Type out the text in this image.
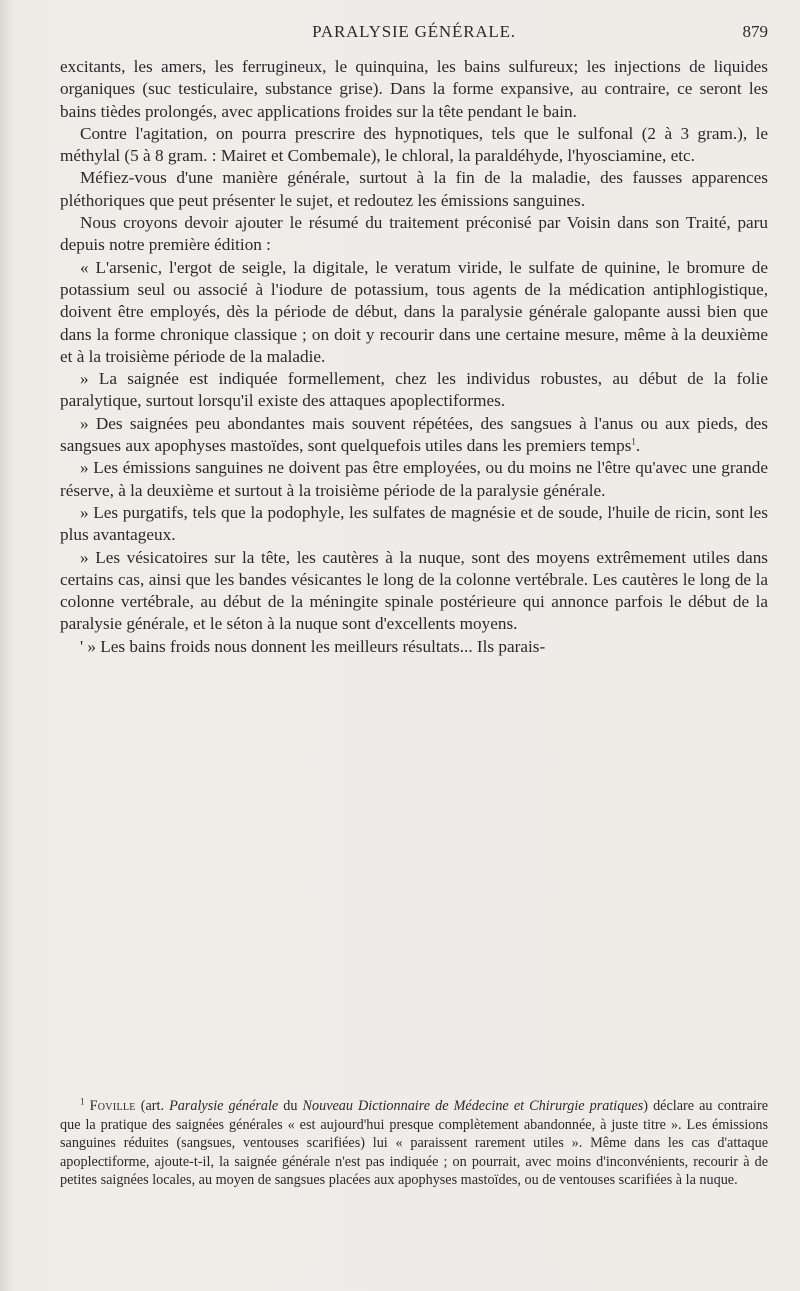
PARALYSIE GÉNÉRALE.	879

excitants, les amers, les ferrugineux, le quinquina, les bains sulfureux; les injections de liquides organiques (suc testiculaire, substance grise). Dans la forme expansive, au contraire, ce seront les bains tièdes prolongés, avec applications froides sur la tête pendant le bain.

Contre l'agitation, on pourra prescrire des hypnotiques, tels que le sulfonal (2 à 3 gram.), le méthylal (5 à 8 gram. : Mairet et Combemale), le chloral, la paraldéhyde, l'hyosciamine, etc.

Méfiez-vous d'une manière générale, surtout à la fin de la maladie, des fausses apparences pléthoriques que peut présenter le sujet, et redoutez les émissions sanguines.

Nous croyons devoir ajouter le résumé du traitement préconisé par Voisin dans son Traité, paru depuis notre première édition :

« L'arsenic, l'ergot de seigle, la digitale, le veratum viride, le sulfate de quinine, le bromure de potassium seul ou associé à l'iodure de potassium, tous agents de la médication antiphlogistique, doivent être employés, dès la période de début, dans la paralysie générale galopante aussi bien que dans la forme chronique classique ; on doit y recourir dans une certaine mesure, même à la deuxième et à la troisième période de la maladie.

» La saignée est indiquée formellement, chez les individus robustes, au début de la folie paralytique, surtout lorsqu'il existe des attaques apoplectiformes.

» Des saignées peu abondantes mais souvent répétées, des sangsues à l'anus ou aux pieds, des sangsues aux apophyses mastoïdes, sont quelquefois utiles dans les premiers temps$^1$.

» Les émissions sanguines ne doivent pas être employées, ou du moins ne l'être qu'avec une grande réserve, à la deuxième et surtout à la troisième période de la paralysie générale.

» Les purgatifs, tels que la podophyle, les sulfates de magnésie et de soude, l'huile de ricin, sont les plus avantageux.

» Les vésicatoires sur la tête, les cautères à la nuque, sont des moyens extrêmement utiles dans certains cas, ainsi que les bandes vésicantes le long de la colonne vertébrale. Les cautères le long de la colonne vertébrale, au début de la méningite spinale postérieure qui annonce parfois le début de la paralysie générale, et le séton à la nuque sont d'excellents moyens.

' » Les bains froids nous donnent les meilleurs résultats... Ils parais-

$^1$ Foville (art. Paralysie générale du Nouveau Dictionnaire de Médecine et Chirurgie pratiques) déclare au contraire que la pratique des saignées générales « est aujourd'hui presque complètement abandonnée, à juste titre ». Les émissions sanguines réduites (sangsues, ventouses scarifiées) lui « paraissent rarement utiles ». Même dans les cas d'attaque apoplectiforme, ajoute-t-il, la saignée générale n'est pas indiquée ; on pourrait, avec moins d'inconvénients, recourir à de petites saignées locales, au moyen de sangsues placées aux apophyses mastoïdes, ou de ventouses scarifiées à la nuque.
